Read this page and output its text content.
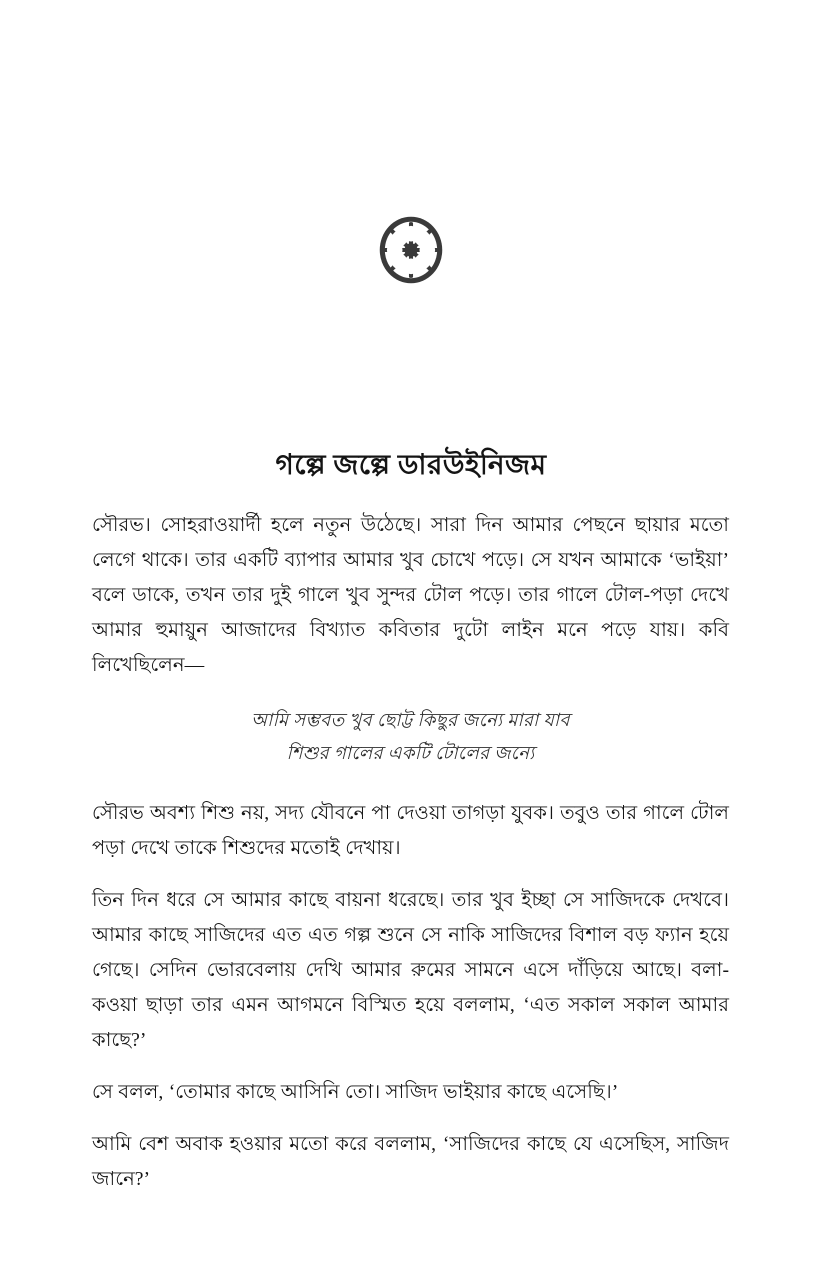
গল্পে জল্পে ডারউইনিজম

সৌরভ। সোহরাওয়ার্দী হলে নতুন উঠেছে। সারা দিন আমার পেছনে ছায়ার মতো লেগে থাকে। তার একটি ব্যাপার আমার খুব চোখে পড়ে। সে যখন আমাকে ‘ভাইয়া’ বলে ডাকে, তখন তার দুই গালে খুব সুন্দর টোল পড়ে। তার গালে টোল-পড়া দেখে আমার হুমায়ুন আজাদের বিখ্যাত কবিতার দুটো লাইন মনে পড়ে যায়। কবি লিখেছিলেন—

আমি সম্ভবত খুব ছোট্ট কিছুর জন্যে মারা যাব
শিশুর গালের একটি টোলের জন্যে

সৌরভ অবশ্য শিশু নয়, সদ্য যৌবনে পা দেওয়া তাগড়া যুবক। তবুও তার গালে টোল পড়া দেখে তাকে শিশুদের মতোই দেখায়।

তিন দিন ধরে সে আমার কাছে বায়না ধরেছে। তার খুব ইচ্ছা সে সাজিদকে দেখবে। আমার কাছে সাজিদের এত এত গল্প শুনে সে নাকি সাজিদের বিশাল বড় ফ্যান হয়ে গেছে। সেদিন ভোরবেলায় দেখি আমার রুমের সামনে এসে দাঁড়িয়ে আছে। বলা-কওয়া ছাড়া তার এমন আগমনে বিস্মিত হয়ে বললাম, ‘এত সকাল সকাল আমার কাছে?’

সে বলল, ‘তোমার কাছে আসিনি তো। সাজিদ ভাইয়ার কাছে এসেছি।’

আমি বেশ অবাক হওয়ার মতো করে বললাম, ‘সাজিদের কাছে যে এসেছিস, সাজিদ জানে?’
